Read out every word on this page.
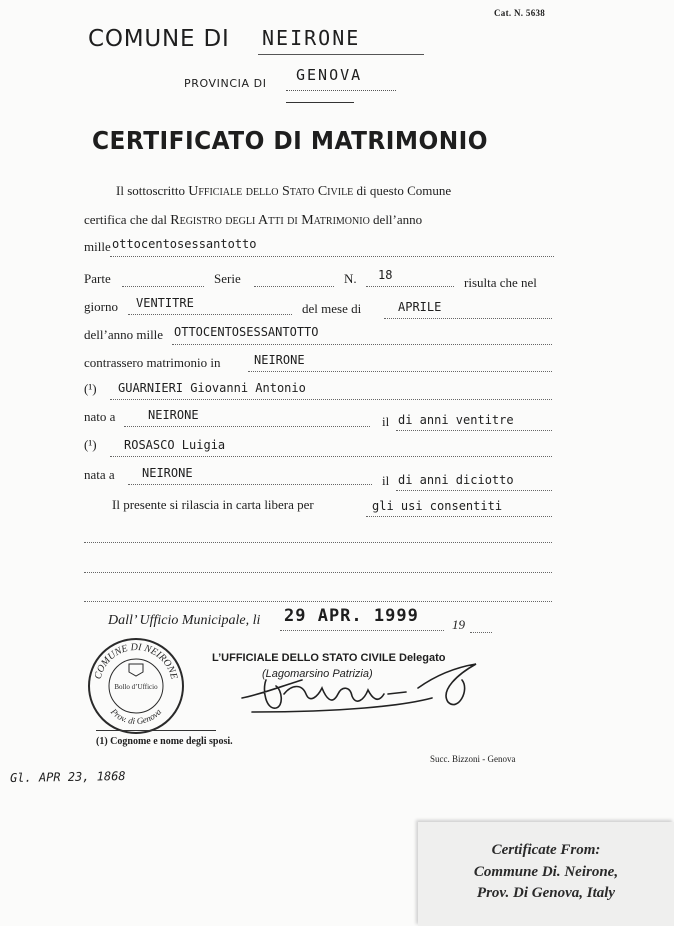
Cat. N. 5638
COMUNE DI NEIRONE
PROVINCIA DI GENOVA
CERTIFICATO DI MATRIMONIO
Il sottoscritto Ufficiale dello Stato Civile di questo Comune
certifica che dal Registro degli Atti di Matrimonio dell’anno
mille ottocentosessantotto
Parte	Serie	N. 18	risulta che nel
giorno VENTITRE	del mese di	APRILE
dell’anno mille OTTOCENTOSESSANTOTTO
contrassero matrimonio in	NEIRONE
(¹) GUARNIERI Giovanni Antonio
nato a	NEIRONE	il di anni ventitre
(¹) ROSASCO Luigia
nata a NEIRONE	il di anni diciotto
Il presente si rilascia in carta libera per	gli usi consentiti
Dall’ Ufficio Municipale, li 29 APR. 1999	19
L’UFFICIALE DELLO STATO CIVILE Delegato
(Lagomarsino Patrizia)
COMUNE DI NEIRONE
Prov. di Genova
Bollo d’Ufficio
(1) Cognome e nome degli sposi.
Succ. Bizzoni - Genova
Gl. APR 23, 1868
Certificate From:
Commune Di. Neirone,
Prov. Di Genova, Italy
